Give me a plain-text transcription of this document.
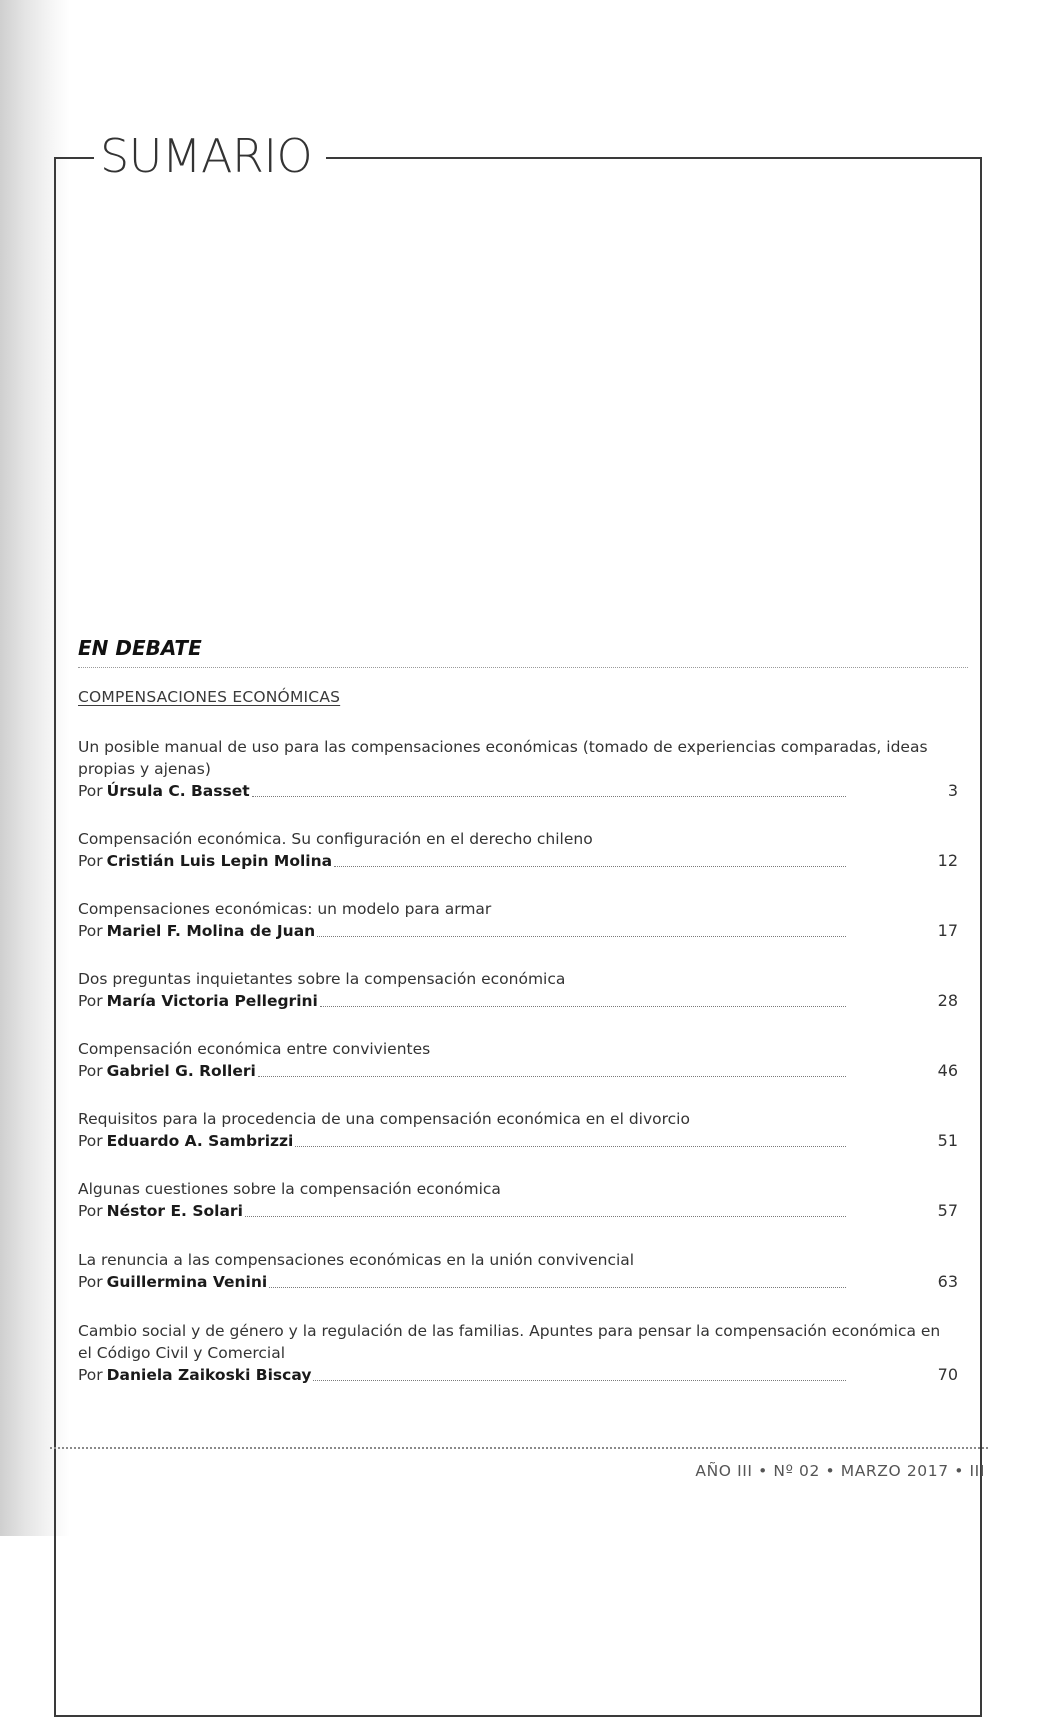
SUMARIO
EN DEBATE
COMPENSACIONES ECONÓMICAS
Un posible manual de uso para las compensaciones económicas (tomado de experiencias comparadas, ideas propias y ajenas)
Por Úrsula C. Basset	3
Compensación económica. Su configuración en el derecho chileno
Por Cristián Luis Lepin Molina	12
Compensaciones económicas: un modelo para armar
Por Mariel F. Molina de Juan	17
Dos preguntas inquietantes sobre la compensación económica
Por María Victoria Pellegrini	28
Compensación económica entre convivientes
Por Gabriel G. Rolleri	46
Requisitos para la procedencia de una compensación económica en el divorcio
Por Eduardo A. Sambrizzi	51
Algunas cuestiones sobre la compensación económica
Por Néstor E. Solari	57
La renuncia a las compensaciones económicas en la unión convivencial
Por Guillermina Venini	63
Cambio social y de género y la regulación de las familias. Apuntes para pensar la compensación económica en el Código Civil y Comercial
Por Daniela Zaikoski Biscay	70
AÑO III • Nº 02 • MARZO 2017 • III
